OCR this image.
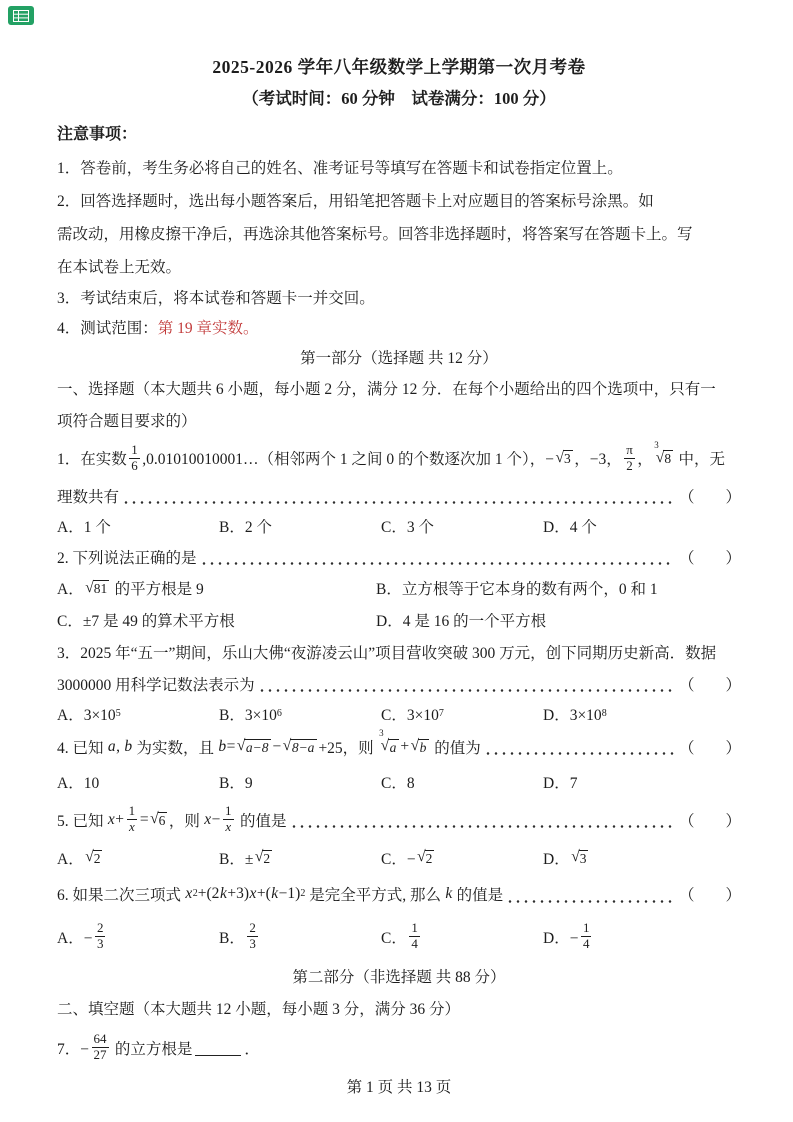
2025-2026 学年八年级数学上学期第一次月考卷
（考试时间：60 分钟　试卷满分：100 分）
注意事项：
1．答卷前，考生务必将自己的姓名、准考证号等填写在答题卡和试卷指定位置上。
2．回答选择题时，选出每小题答案后，用铅笔把答题卡上对应题目的答案标号涂黑。如
需改动，用橡皮擦干净后，再选涂其他答案标号。回答非选择题时，将答案写在答题卡上。写
在本试卷上无效。
3．考试结束后，将本试卷和答题卡一并交回。
4．测试范围： 第 19 章实数。
第一部分（选择题 共 12 分）
一、选择题（本大题共 6 小题，每小题 2 分，满分 12 分．在每个小题给出的四个选项中，只有一
项符合题目要求的）
1．在实数 $\frac{1}{6}$ ,0.01010010001…（相邻两个 1 之间 0 的个数逐次加 1 个），− √ 3 ，−3， $\frac{\pi}{2}$ ，
$^3$
√ 8 中，无
理数共有	（　　）
A．1 个	B．2 个	C．3 个	D．4 个
2. 下列说法正确的是	（　　）
A． √ 81 的平方根是 9	B．立方根等于它本身的数有两个，0 和 1
C．±7 是 49 的算术平方根	D．4 是 16 的一个平方根
3．2025 年“五一”期间，乐山大佛“夜游凌云山”项目营收突破 300 万元，创下同期历史新高．数据
3000000 用科学记数法表示为	（　　）
A．3×10 5	B．3×10 6	C．3×10 7	D．3×10 8
4. 已知 a , b 为实数，且 b = √ a−8 − √ 8−a +25，则
$^3$
√ a + √ b 的值为	（　　）
A．10	B．9	C．8	D．7
5. 已知 $x + \frac{1}{x}$ = √ 6 ，则 $x - \frac{1}{x}$ 的值是	（　　）
A． √ 2	B．± √ 2	C．− √ 2	D． √ 3
6. 如果二次三项式 x 2 +(2 k +3) x +( k −1) 2 是完全平方式, 那么 k 的值是	（　　）
A．− $\frac{2}{3}$	B． $\frac{2}{3}$	C． $\frac{1}{4}$	D．− $\frac{1}{4}$
第二部分（非选择题 共 88 分）
二、填空题（本大题共 12 小题，每小题 3 分，满分 36 分）
7．− $\frac{64}{27}$ 的立方根是	．
第 1 页 共 13 页
